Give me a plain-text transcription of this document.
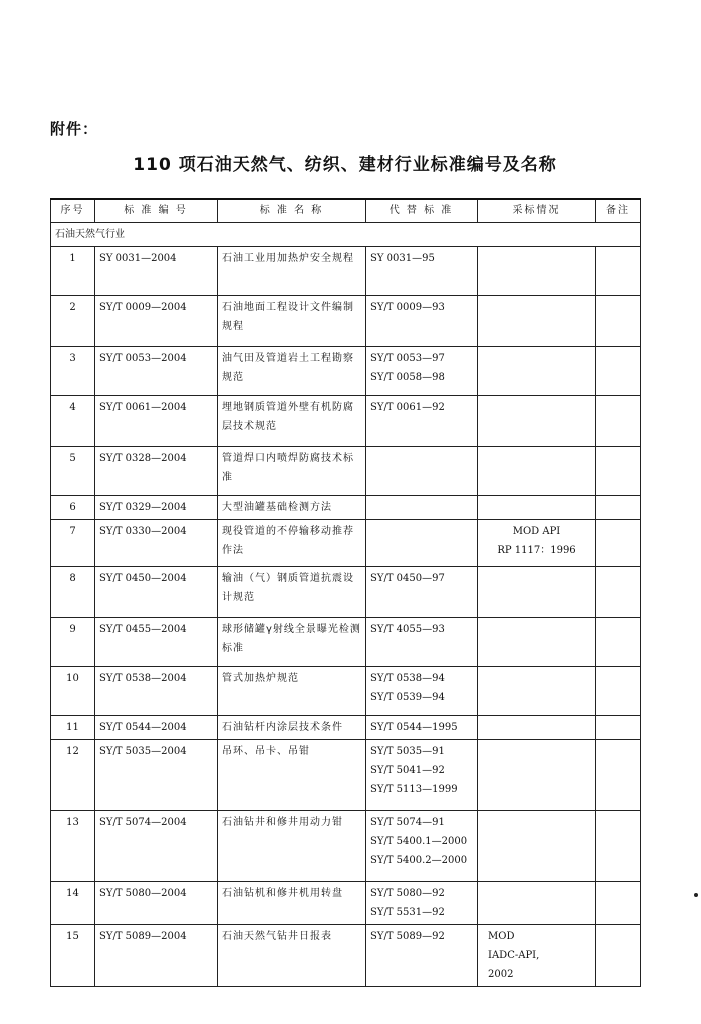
附件：
110 项石油天然气、纺织、建材行业标准编号及名称
序号	标 准 编 号	标 准 名 称	代 替 标 准	采标情况	备注
石油天然气行业					
1	SY 0031—2004	石油工业用加热炉安全规程	SY 0031—95		

2	SY/T 0009—2004	石油地面工程设计文件编制规程	SY/T 0009—93		

3	SY/T 0053—2004	油气田及管道岩土工程勘察规范	SY/T 0053—97
SY/T 0058—98		

4	SY/T 0061—2004	埋地钢质管道外壁有机防腐层技术规范	SY/T 0061—92		

5	SY/T 0328—2004	管道焊口内喷焊防腐技术标准			
6	SY/T 0329—2004	大型油罐基础检测方法			
7	SY/T 0330—2004	现役管道的不停输移动推荐作法		MOD API
RP 1117：1996	

8	SY/T 0450—2004	输油（气）钢质管道抗震设计规范	SY/T 0450—97		

9	SY/T 0455—2004	球形储罐γ射线全景曝光检测标准	SY/T 4055—93		

10	SY/T 0538—2004	管式加热炉规范	SY/T 0538—94
SY/T 0539—94		

11	SY/T 0544—2004	石油钻杆内涂层技术条件	SY/T 0544—1995		

12	SY/T 5035—2004	吊环、吊卡、吊钳	SY/T 5035—91
SY/T 5041—92
SY/T 5113—1999		

13	SY/T 5074—2004	石油钻井和修井用动力钳	SY/T 5074—91
SY/T 5400.1—2000
SY/T 5400.2—2000		

14	SY/T 5080—2004	石油钻机和修井机用转盘	SY/T 5080—92
SY/T 5531—92		

15	SY/T 5089—2004	石油天然气钻井日报表	SY/T 5089—92	MOD
IADC-API,
2002	
